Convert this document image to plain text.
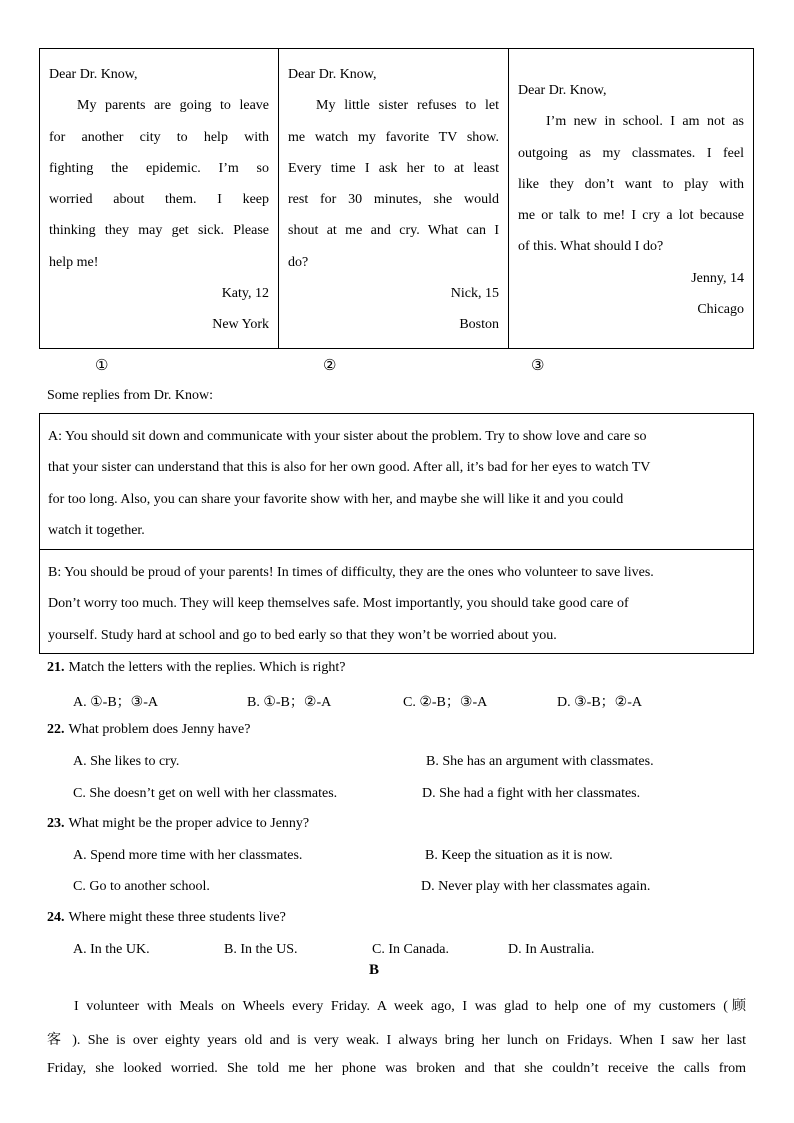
Dear Dr. Know,
My parents are going to leave
for another city to help with
fighting the epidemic. I’m so
worried about them. I keep
thinking they may get sick. Please
help me!
Katy, 12
New York
Dear Dr. Know,
My little sister refuses to let
me watch my favorite TV show.
Every time I ask her to at least
rest for 30 minutes, she would
shout at me and cry. What can I
do?
Nick, 15
Boston
Dear Dr. Know,
I’m new in school. I am not as
outgoing as my classmates. I feel
like they don’t want to play with
me or talk to me! I cry a lot because
of this. What should I do?
Jenny, 14
Chicago
①	②	③
Some replies from Dr. Know:
A: You should sit down and communicate with your sister about the problem. Try to show love and care so
that your sister can understand that this is also for her own good. After all, it’s bad for her eyes to watch TV
for too long. Also, you can share your favorite show with her, and maybe she will like it and you could
watch it together.
B: You should be proud of your parents! In times of difficulty, they are the ones who volunteer to save lives.
Don’t worry too much. They will keep themselves safe. Most importantly, you should take good care of
yourself. Study hard at school and go to bed early so that they won’t be worried about you.
21. Match the letters with the replies. Which is right?
A. ①-B；③-A	B. ①-B；②-A	C. ②-B；③-A	D. ③-B；②-A
22. What problem does Jenny have?
A. She likes to cry.	B. She has an argument with classmates.
C. She doesn’t get on well with her classmates.	D. She had a fight with her classmates.
23. What might be the proper advice to Jenny?
A. Spend more time with her classmates.	B. Keep the situation as it is now.
C. Go to another school.	D. Never play with her classmates again.
24. Where might these three students live?
A. In the UK.	B. In the US.	C. In Canada.	D. In Australia.
B
I volunteer with Meals on Wheels every Friday. A week ago, I was glad to help one of my customers (顾
客 ). She is over eighty years old and is very weak. I always bring her lunch on Fridays. When I saw her last
Friday, she looked worried. She told me her phone was broken and that she couldn’t receive the calls from
